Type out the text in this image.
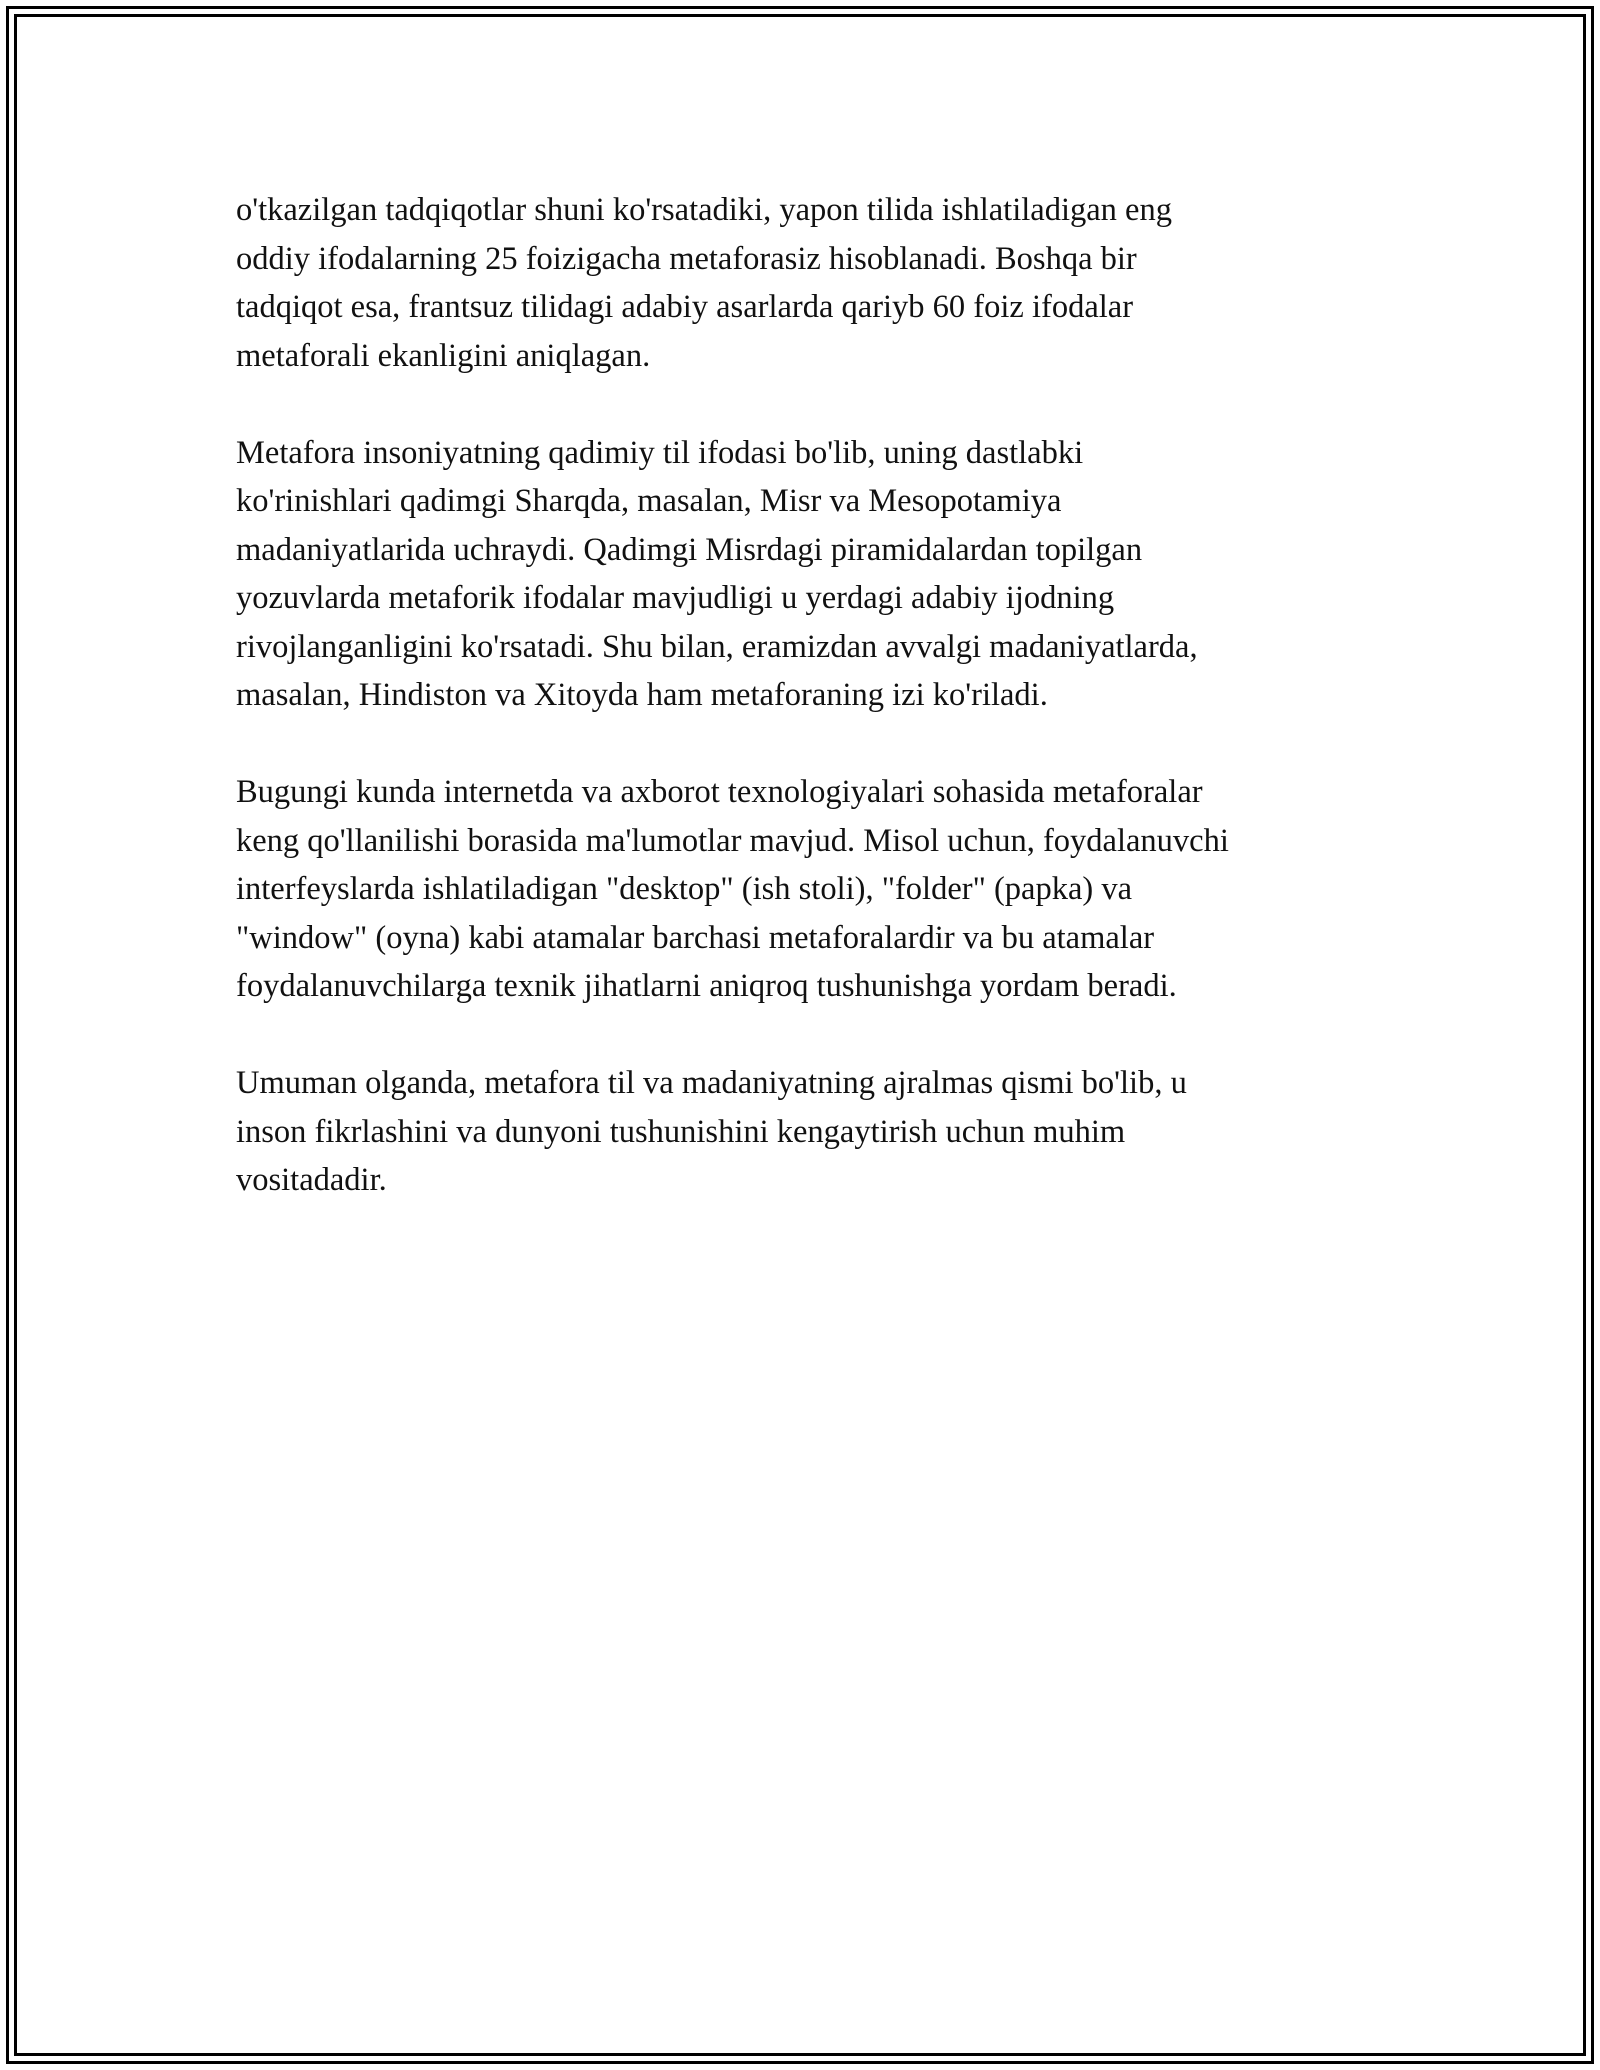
o'tkazilgan tadqiqotlar shuni ko'rsatadiki, yapon tilida ishlatiladigan eng
oddiy ifodalarning 25 foizigacha metaforasiz hisoblanadi. Boshqa bir
tadqiqot esa, frantsuz tilidagi adabiy asarlarda qariyb 60 foiz ifodalar
metaforali ekanligini aniqlagan.

Metafora insoniyatning qadimiy til ifodasi bo'lib, uning dastlabki
ko'rinishlari qadimgi Sharqda, masalan, Misr va Mesopotamiya
madaniyatlarida uchraydi. Qadimgi Misrdagi piramidalardan topilgan
yozuvlarda metaforik ifodalar mavjudligi u yerdagi adabiy ijodning
rivojlanganligini ko'rsatadi. Shu bilan, eramizdan avvalgi madaniyatlarda,
masalan, Hindiston va Xitoyda ham metaforaning izi ko'riladi.

Bugungi kunda internetda va axborot texnologiyalari sohasida metaforalar
keng qo'llanilishi borasida ma'lumotlar mavjud. Misol uchun, foydalanuvchi
interfeyslarda ishlatiladigan "desktop" (ish stoli), "folder" (papka) va
"window" (oyna) kabi atamalar barchasi metaforalardir va bu atamalar
foydalanuvchilarga texnik jihatlarni aniqroq tushunishga yordam beradi.

Umuman olganda, metafora til va madaniyatning ajralmas qismi bo'lib, u
inson fikrlashini va dunyoni tushunishini kengaytirish uchun muhim
vositadadir.
